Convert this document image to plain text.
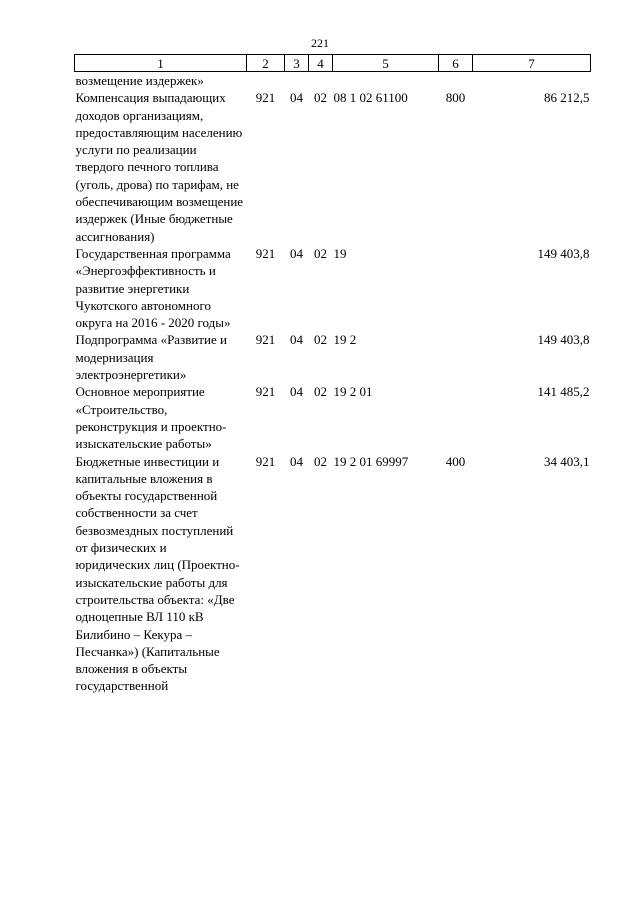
221
1	2	3	4	5	6	7
возмещение издержек»						
Компенсация выпадающих доходов организациям, предоставляющим населению услуги по реализации твердого печного топлива (уголь, дрова) по тарифам, не обеспечивающим возмещение издержек (Иные бюджетные ассигнования)	921	04	02	08 1 02 61100	800	86 212,5
Государственная программа «Энергоэффективность и развитие энергетики Чукотского автономного округа на 2016 - 2020 годы»	921	04	02	19		149 403,8
Подпрограмма «Развитие и модернизация электроэнергетики»	921	04	02	19 2		149 403,8
Основное мероприятие «Строительство, реконструкция и проектно-изыскательские работы»	921	04	02	19 2 01		141 485,2
Бюджетные инвестиции и капитальные вложения в объекты государственной собственности за счет безвозмездных поступлений от физических и юридических лиц (Проектно-изыскательские работы для строительства объекта: «Две одноцепные ВЛ 110 кВ Билибино – Кекура – Песчанка») (Капитальные вложения в объекты государственной	921	04	02	19 2 01 69997	400	34 403,1
